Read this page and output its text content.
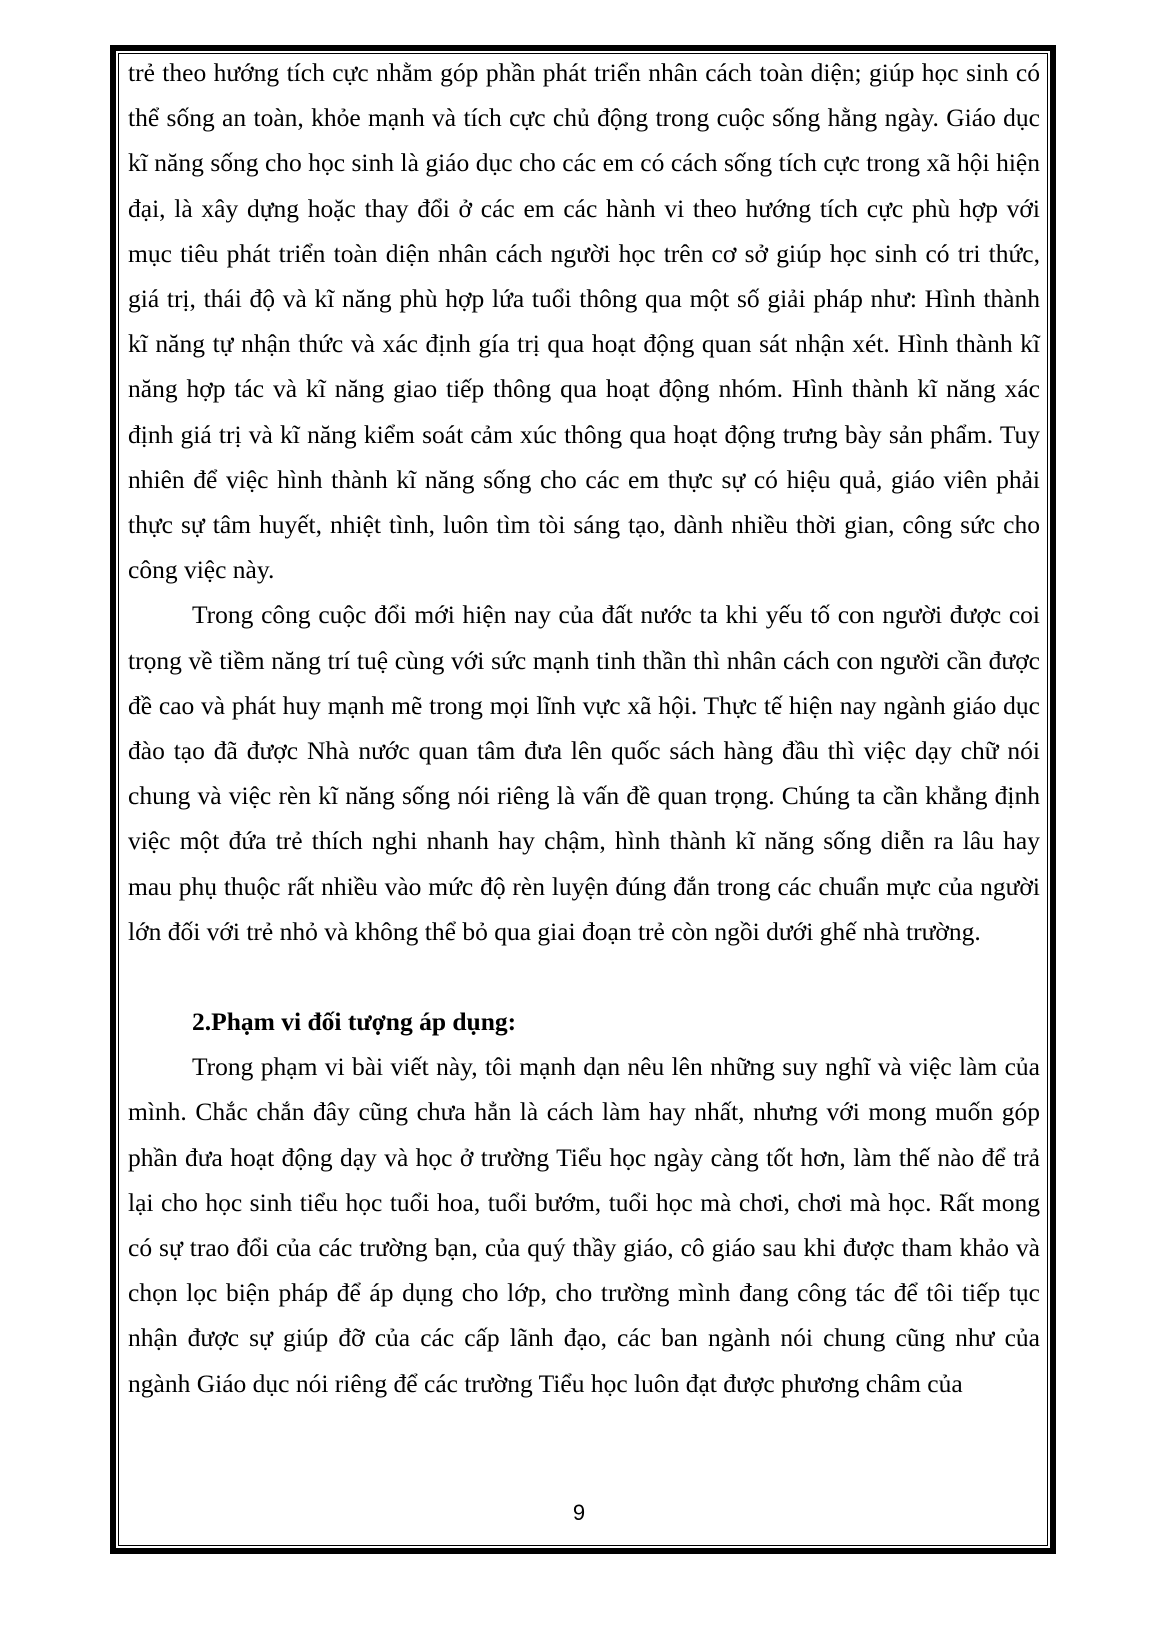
trẻ theo hướng tích cực nhằm góp phần phát triển nhân cách toàn diện; giúp học sinh có thể sống an toàn, khỏe mạnh và tích cực chủ động trong cuộc sống hằng ngày. Giáo dục kĩ năng sống cho học sinh là giáo dục cho các em có cách sống tích cực trong xã hội hiện đại, là xây dựng hoặc thay đổi ở các em các hành vi theo hướng tích cực phù hợp với mục tiêu phát triển toàn diện nhân cách người học trên cơ sở giúp học sinh có tri thức, giá trị, thái độ và kĩ năng phù hợp lứa tuổi thông qua một số giải pháp như: Hình thành kĩ năng tự nhận thức và xác định gía trị qua hoạt động quan sát nhận xét. Hình thành kĩ năng hợp tác và kĩ năng giao tiếp thông qua hoạt động nhóm. Hình thành kĩ năng xác định giá trị và kĩ năng kiểm soát cảm xúc thông qua hoạt động trưng bày sản phẩm. Tuy nhiên để việc hình thành kĩ năng sống cho các em thực sự có hiệu quả, giáo viên phải thực sự tâm huyết, nhiệt tình, luôn tìm tòi sáng tạo, dành nhiều thời gian, công sức cho công việc này.

Trong công cuộc đổi mới hiện nay của đất nước ta khi yếu tố con người được coi trọng về tiềm năng trí tuệ cùng với sức mạnh tinh thần thì nhân cách con người cần được đề cao và phát huy mạnh mẽ trong mọi lĩnh vực xã hội. Thực tế hiện nay ngành giáo dục đào tạo đã được Nhà nước quan tâm đưa lên quốc sách hàng đầu thì việc dạy chữ nói chung và việc rèn kĩ năng sống nói riêng là vấn đề quan trọng. Chúng ta cần khẳng định việc một đứa trẻ thích nghi nhanh hay chậm, hình thành kĩ năng sống diễn ra lâu hay mau phụ thuộc rất nhiều vào mức độ rèn luyện đúng đắn trong các chuẩn mực của người lớn đối với trẻ nhỏ và không thể bỏ qua giai đoạn trẻ còn ngồi dưới ghế nhà trường.

2.Phạm vi đối tượng áp dụng:

Trong phạm vi bài viết này, tôi mạnh dạn nêu lên những suy nghĩ và việc làm của mình. Chắc chắn đây cũng chưa hẳn là cách làm hay nhất, nhưng với mong muốn góp phần đưa hoạt động dạy và học ở trường Tiểu học ngày càng tốt hơn, làm thế nào để trả lại cho học sinh tiểu học tuổi hoa, tuổi bướm, tuổi học mà chơi, chơi mà học. Rất mong có sự trao đổi của các trường bạn, của quý thầy giáo, cô giáo sau khi được tham khảo và chọn lọc biện pháp để áp dụng cho lớp, cho trường mình đang công tác để tôi tiếp tục nhận được sự giúp đỡ của các cấp lãnh đạo, các ban ngành nói chung cũng như của ngành Giáo dục nói riêng để các trường Tiểu học luôn đạt được phương châm của

9
